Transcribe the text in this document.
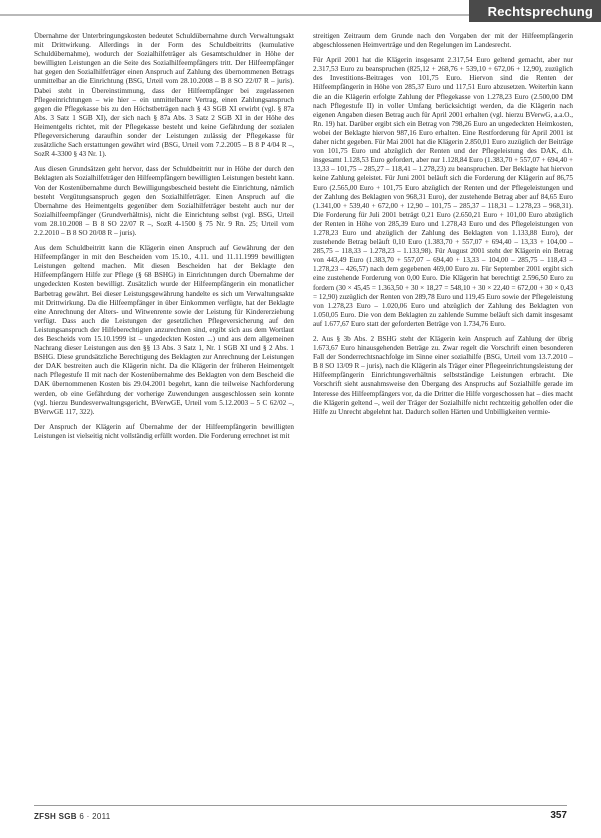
Rechtsprechung

Übernahme der Unterbringungskosten bedeutet Schuldübernahme durch Verwaltungsakt mit Drittwirkung. Allerdings in der Form des Schuldbeitritts (kumulative Schuldübernahme), wodurch der Sozialhilfeträger als Gesamtschuldner in Höhe der bewilligten Leistungen an die Seite des Sozialhilfeempfängers tritt. Der Hilfeempfänger hat gegen den Sozialhilfeträger einen Anspruch auf Zahlung des übernommenen Betrags unmittelbar an die Einrichtung (BSG, Urteil vom 28.10.2008 – B 8 SO 22/07 R – juris). Dabei steht in Übereinstimmung, dass der Hilfeempfänger bei zugelassenen Pflegeeinrichtungen – wie hier – ein unmittelbarer Vertrag, einen Zahlungsanspruch gegen die Pflegekasse bis zu den Höchstbeträgen nach § 43 SGB XI erwirbt (vgl. § 87a Abs. 3 Satz 1 SGB XI), der sich nach § 87a Abs. 3 Satz 2 SGB XI in der Höhe des Heimentgelts richtet, mit der Pflegekasse besteht und keine Gefährdung der sozialen Pflegeversicherung daraufhin sonder der Leistungen zulässig der Pflegekasse für zusätzliche Sach erstattungen gewährt wird (BSG, Urteil vom 7.2.2005 – B 8 P 4/04 R –, SozR 4-3300 § 43 Nr. 1).

Aus diesen Grundsätzen geht hervor, dass der Schuldbeitritt nur in Höhe der durch den Beklagten als Sozialhilfeträger den Hilfeempfängern bewilligten Leistungen besteht kann. Von der Kostenübernahme durch Bewilligungsbescheid besteht die Einrichtung, nämlich besteht Vergütungsanspruch gegen den Sozialhilfeträger. Einen Anspruch auf die Übernahme des Heimentgelts gegenüber dem Sozialhilfeträger besteht auch nur der Sozialhilfeempfänger (Grundverhältnis), nicht die Einrichtung selbst (vgl. BSG, Urteil vom 28.10.2008 – B 8 SO 22/07 R –, SozR 4-1500 § 75 Nr. 9 Rn. 25; Urteil vom 2.2.2010 – B 8 SO 20/08 R – juris).

Aus dem Schuldbeitritt kann die Klägerin einen Anspruch auf Gewährung der den Hilfeempfänger in mit den Bescheiden vom 15.10., 4.11. und 11.11.1999 bewilligten Leistungen geltend machen. Mit diesen Bescheiden hat der Beklagte den Hilfeempfängern Hilfe zur Pflege (§ 68 BSHG) in Einrichtungen durch Übernahme der ungedeckten Kosten bewilligt. Zusätzlich wurde der Hilfeempfängerin ein monatlicher Barbetrag gewährt. Bei dieser Leistungsgewährung handelte es sich um Verwaltungsakte mit Drittwirkung. Da die Hilfeempfänger in über Einkommen verfügte, hat der Beklagte eine Anrechnung der Alters- und Witwenrente sowie der Leistung für Kindererziehung verfügt. Dass auch die Leistungen der gesetzlichen Pflegeversicherung auf den Leistungsanspruch der Hilfeberechtigten anzurechnen sind, ergibt sich aus dem Wortlaut des Bescheids vom 15.10.1999 ist – ungedeckten Kosten ...) und aus dem allgemeinen Nachrang dieser Leistungen aus den §§ 13 Abs. 3 Satz 1, Nr. 1 SGB XI und § 2 Abs. 1 BSHG. Diese grundsätzliche Berechtigung des Beklagten zur Anrechnung der Leistungen der DAK bestreiten auch die Klägerin nicht. Da die Klägerin der früheren Heimentgelt nach Pflegestufe II mit nach der Kostenübernahme des Beklagten von dem Bescheid die DAK übernommenen Kosten bis 29.04.2001 begehrt, kann die teilweise Nachforderung werden, ob eine Gefährdung der vorherige Zuwendungen ausgeschlossen sein konnte (vgl. hierzu Bundesverwaltungsgericht, BVerwGE, Urteil vom 5.12.2003 – 5 C 62/02 –, BVerwGE 117, 322).

Der Anspruch der Klägerin auf Übernahme der der Hilfeempfängerin bewilligten Leistungen ist vielseitig nicht vollständig erfüllt worden. Die Forderung errechnet ist mit

streitigen Zeitraum dem Grunde nach den Vorgaben der mit der Hilfeempfängerin abgeschlossenen Heimverträge und den Regelungen im Landesrecht.

Für April 2001 hat die Klägerin insgesamt 2.317,54 Euro geltend gemacht, aber nur 2.317,53 Euro zu beanspruchen (825,12 + 268,76 + 539,10 + 672,06 + 12,90), zuzüglich des Investitions-Beitrages von 101,75 Euro. Hiervon sind die Renten der Hilfeempfängerin in Höhe von 285,37 Euro und 117,51 Euro abzusetzen. Weiterhin kann die an die Klägerin erfolgte Zahlung der Pflegekasse von 1.278,23 Euro (2.500,00 DM nach Pflegestufe II) in voller Umfang berücksichtigt werden, da die Klägerin nach eigenen Angaben diesen Betrag auch für April 2001 erhalten (vgl. hierzu BVerwG, a.a.O., Rn. 19) hat. Darüber ergibt sich ein Betrag von 798,26 Euro an ungedeckten Heimkosten, wobei der Beklagte hiervon 987,16 Euro erhalten. Eine Restforderung für April 2001 ist daher nicht gegeben. Für Mai 2001 hat die Klägerin 2.850,01 Euro zuzüglich der Beiträge von 101,75 Euro und abzüglich der Renten und der Pflegeleistung des DAK, d.h. insgesamt 1.128,53 Euro gefordert, aber nur 1.128,84 Euro (1.383,70 + 557,07 + 694,40 + 13,33 – 101,75 – 285,27 – 118,41 – 1.278,23) zu beanspruchen. Der Beklagte hat hiervon keine Zahlung geleistet. Für Juni 2001 beläuft sich die Forderung der Klägerin auf 86,75 Euro (2.565,00 Euro + 101,75 Euro abzüglich der Renten und der Pflegeleistungen und der Zahlung des Beklagten von 968,31 Euro), der zustehende Betrag aber auf 84,65 Euro (1.341,00 + 539,40 + 672,00 + 12,90 – 101,75 – 285,37 – 118,31 – 1.278,23 – 968,31). Die Forderung für Juli 2001 beträgt 0,21 Euro (2.650,21 Euro + 101,00 Euro abzüglich der Renten in Höhe von 285,39 Euro und 1.278,43 Euro und des Pflegeleistungen von 1.278,23 Euro und abzüglich der Zahlung des Beklagten von 1.133,88 Euro), der zustehende Betrag beläuft 0,10 Euro (1.383,70 + 557,07 + 694,40 – 13,33 + 104,00 – 285,75 – 118,33 – 1.278,23 – 1.133,98). Für August 2001 steht der Klägerin ein Betrag von 443,49 Euro (1.383,70 + 557,07 – 694,40 + 13,33 – 104,00 – 285,75 – 118,43 – 1.278,23 – 426,57) nach dem gegebenen 469,00 Euro zu. Für September 2001 ergibt sich eine zustehende Forderung von 0,00 Euro. Die Klägerin hat berechtigt 2.596,50 Euro zu fordern (30 × 45,45 = 1.363,50 + 30 × 18,27 = 548,10 + 30 × 22,40 = 672,00 + 30 × 0,43 = 12,90) zuzüglich der Renten von 289,78 Euro und 119,45 Euro sowie der Pflegeleistung von 1.278,23 Euro – 1.020,06 Euro und abzüglich der Zahlung des Beklagten von 1.050,05 Euro. Die von dem Beklagten zu zahlende Summe beläuft sich damit insgesamt auf 1.677,67 Euro statt der geforderten Beträge von 1.734,76 Euro.

2. Aus § 3b Abs. 2 BSHG steht der Klägerin kein Anspruch auf Zahlung der übrig 1.673,67 Euro hinausgehenden Beträge zu. Zwar regelt die Vorschrift einen besonderen Fall der Sonderrechtsnachfolge im Sinne einer sozialhilfe (BSG, Urteil vom 13.7.2010 – B 8 SO 13/09 R – juris), nach die Klägerin als Träger einer Pflegeeinrichtungsleistung der Hilfeempfängerin Einrichtungsverhältnis selbstständige Leistungen erbracht. Die Vorschrift sieht ausnahmsweise den Übergang des Anspruchs auf Sozialhilfe gerade im Interesse des Hilfeempfängers vor, da die Dritter die Hilfe vorgeschossen hat – dies macht die Klägerin geltend –, weil der Träger der Sozialhilfe nicht rechtzeitig geholfen oder die Hilfe zu Unrecht abgelehnt hat. Dadurch sollen Härten und Unbilligkeiten vermie-

ZFSH SGB 6 · 2011	357
